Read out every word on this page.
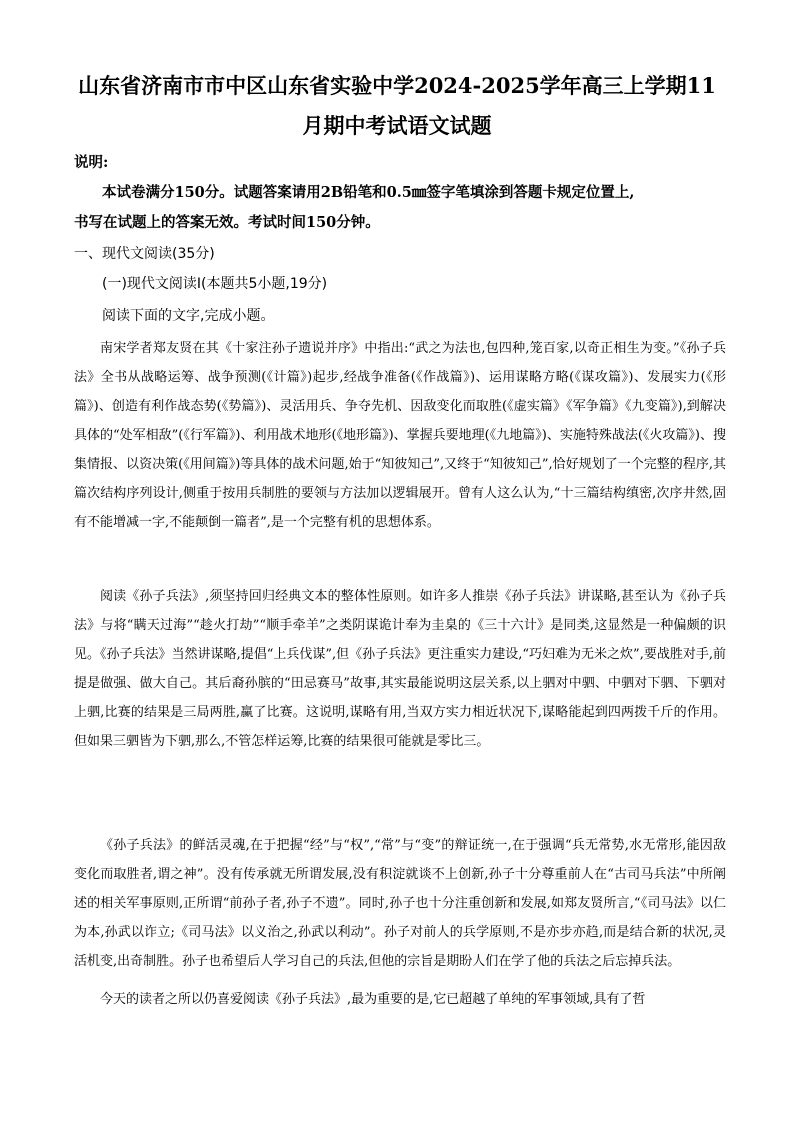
山东省济南市市中区山东省实验中学2024-2025学年高三上学期11
月期中考试语文试题
说明:
本试卷满分150分。试题答案请用2B铅笔和0.5㎜签字笔填涂到答题卡规定位置上,
书写在试题上的答案无效。考试时间150分钟。
一、现代文阅读(35分)
(一)现代文阅读Ⅰ(本题共5小题,19分)
阅读下面的文字,完成小题。

南宋学者郑友贤在其《十家注孙子遗说并序》中指出:“武之为法也,包四种,笼百家,以奇正相生为变。”《孙子兵法》全书从战略运筹、战争预测(《计篇》)起步,经战争准备(《作战篇》)、运用谋略方略(《谋攻篇》)、发展实力(《形篇》)、创造有利作战态势(《势篇》)、灵活用兵、争夺先机、因敌变化而取胜(《虚实篇》《军争篇》《九变篇》),到解决具体的“处军相敌”(《行军篇》)、利用战术地形(《地形篇》)、掌握兵要地理(《九地篇》)、实施特殊战法(《火攻篇》)、搜集情报、以资决策(《用间篇》)等具体的战术问题,始于“知彼知己”,又终于“知彼知己”,恰好规划了一个完整的程序,其篇次结构序列设计,侧重于按用兵制胜的要领与方法加以逻辑展开。曾有人这么认为,“十三篇结构缜密,次序井然,固有不能增减一字,不能颠倒一篇者”,是一个完整有机的思想体系。

阅读《孙子兵法》,须坚持回归经典文本的整体性原则。如许多人推崇《孙子兵法》讲谋略,甚至认为《孙子兵法》与将“瞒天过海”“趁火打劫”“顺手牵羊”之类阴谋诡计奉为圭臬的《三十六计》是同类,这显然是一种偏颇的识见。《孙子兵法》当然讲谋略,提倡“上兵伐谋”,但《孙子兵法》更注重实力建设,“巧妇难为无米之炊”,要战胜对手,前提是做强、做大自己。其后裔孙膑的“田忌赛马”故事,其实最能说明这层关系,以上驷对中驷、中驷对下驷、下驷对上驷,比赛的结果是三局两胜,赢了比赛。这说明,谋略有用,当双方实力相近状况下,谋略能起到四两拨千斤的作用。但如果三驷皆为下驷,那么,不管怎样运筹,比赛的结果很可能就是零比三。

《孙子兵法》的鲜活灵魂,在于把握“经”与“权”,“常”与“变”的辩证统一,在于强调“兵无常势,水无常形,能因敌变化而取胜者,谓之神”。没有传承就无所谓发展,没有积淀就谈不上创新,孙子十分尊重前人在“古司马兵法”中所阐述的相关军事原则,正所谓“前孙子者,孙子不遗”。同时,孙子也十分注重创新和发展,如郑友贤所言,“《司马法》以仁为本,孙武以诈立;《司马法》以义治之,孙武以利动”。孙子对前人的兵学原则,不是亦步亦趋,而是结合新的状况,灵活机变,出奇制胜。孙子也希望后人学习自己的兵法,但他的宗旨是期盼人们在学了他的兵法之后忘掉兵法。

今天的读者之所以仍喜爱阅读《孙子兵法》,最为重要的是,它已超越了单纯的军事领域,具有了哲
